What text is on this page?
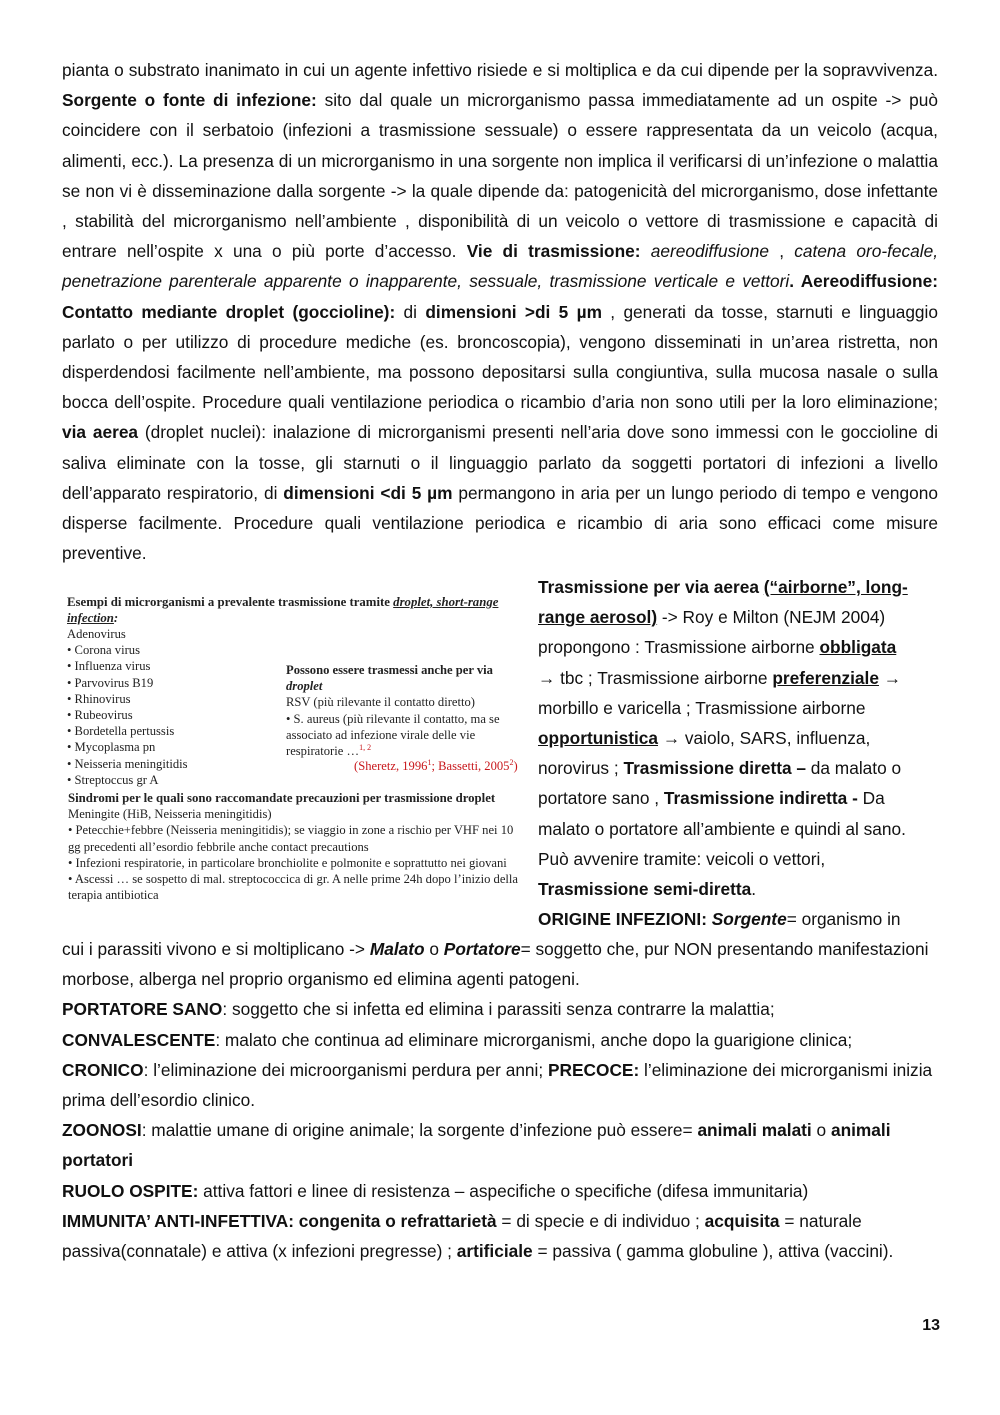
pianta o substrato inanimato in cui un agente infettivo risiede e si moltiplica e da cui dipende per la sopravvivenza. Sorgente o fonte di infezione: sito dal quale un microrganismo passa immediatamente ad un ospite -> può coincidere con il serbatoio (infezioni a trasmissione sessuale) o essere rappresentata da un veicolo (acqua, alimenti, ecc.). La presenza di un microrganismo in una sorgente non implica il verificarsi di un’infezione o malattia se non vi è disseminazione dalla sorgente -> la quale dipende da: patogenicità del microrganismo, dose infettante , stabilità del microrganismo nell’ambiente , disponibilità di un veicolo o vettore di trasmissione e capacità di entrare nell’ospite x una o più porte d’accesso. Vie di trasmissione: aereodiffusione , catena oro-fecale, penetrazione parenterale apparente o inapparente, sessuale, trasmissione verticale e vettori. Aereodiffusione: Contatto mediante droplet (goccioline): di dimensioni >di 5 µm , generati da tosse, starnuti e linguaggio parlato o per utilizzo di procedure mediche (es. broncoscopia), vengono disseminati in un’area ristretta, non disperdendosi facilmente nell’ambiente, ma possono depositarsi sulla congiuntiva, sulla mucosa nasale o sulla bocca dell’ospite. Procedure quali ventilazione periodica o ricambio d’aria non sono utili per la loro eliminazione; via aerea (droplet nuclei): inalazione di microrganismi presenti nell’aria dove sono immessi con le goccioline di saliva eliminate con la tosse, gli starnuti o il linguaggio parlato da soggetti portatori di infezioni a livello dell’apparato respiratorio, di dimensioni <di 5 µm permangono in aria per un lungo periodo di tempo e vengono disperse facilmente. Procedure quali ventilazione periodica e ricambio di aria sono efficaci come misure preventive.

Esempi di microrganismi a prevalente trasmissione tramite droplet, short-range infection:
Adenovirus
• Corona virus
• Influenza virus
• Parvovirus B19
• Rhinovirus
• Rubeovirus
• Bordetella pertussis
• Mycoplasma pn
• Neisseria meningitidis
• Streptoccus gr A
Possono essere trasmessi anche per via droplet
RSV (più rilevante il contatto diretto)
• S. aureus (più rilevante il contatto, ma se associato ad infezione virale delle vie respiratorie …$^{1, 2}$
(Sheretz, 1996$^1$; Bassetti, 2005$^2$)
Sindromi per le quali sono raccomandate precauzioni per trasmissione droplet
Meningite (HiB, Neisseria meningitidis)
• Petecchie+febbre (Neisseria meningitidis); se viaggio in zone a rischio per VHF nei 10 gg precedenti all’esordio febbrile anche contact precautions
• Infezioni respiratorie, in particolare bronchiolite e polmonite e soprattutto nei giovani
• Ascessi … se sospetto di mal. streptococcica di gr. A nelle prime 24h dopo l’inizio della terapia antibiotica
Trasmissione per via aerea (“airborne”, long-
range aerosol) -> Roy e Milton (NEJM 2004)
propongono : Trasmissione airborne obbligata
→ tbc ; Trasmissione airborne preferenziale →
morbillo e varicella ; Trasmissione airborne
opportunistica → vaiolo, SARS, influenza,
norovirus ; Trasmissione diretta – da malato o
portatore sano , Trasmissione indiretta - Da
malato o portatore all’ambiente e quindi al sano.
Può avvenire tramite: veicoli o vettori,
Trasmissione semi-diretta.
ORIGINE INFEZIONI: Sorgente= organismo in
cui i parassiti vivono e si moltiplicano -> Malato o Portatore= soggetto che, pur NON presentando manifestazioni morbose, alberga nel proprio organismo ed elimina agenti patogeni.
PORTATORE SANO: soggetto che si infetta ed elimina i parassiti senza contrarre la malattia;
CONVALESCENTE: malato che continua ad eliminare microrganismi, anche dopo la guarigione clinica;
CRONICO: l’eliminazione dei microorganismi perdura per anni; PRECOCE: l’eliminazione dei microrganismi inizia prima dell’esordio clinico.
ZOONOSI: malattie umane di origine animale; la sorgente d’infezione può essere= animali malati o animali portatori
RUOLO OSPITE: attiva fattori e linee di resistenza – aspecifiche o specifiche (difesa immunitaria)
IMMUNITA’ ANTI-INFETTIVA: congenita o refrattarietà = di specie e di individuo ; acquisita = naturale passiva(connatale) e attiva (x infezioni pregresse) ; artificiale = passiva ( gamma globuline ), attiva (vaccini).
13
